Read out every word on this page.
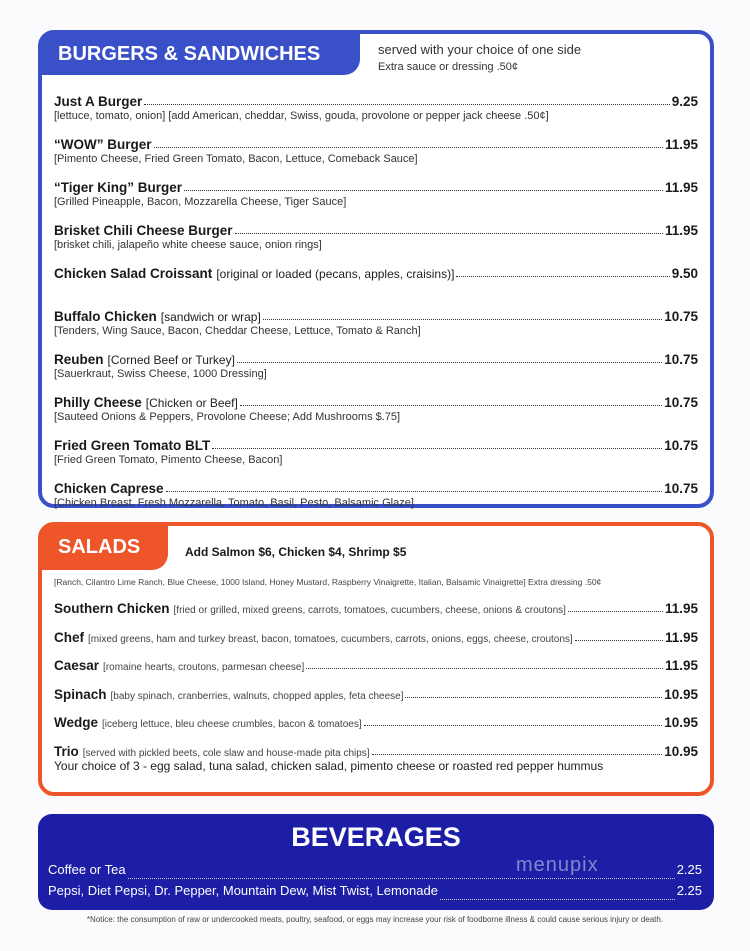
BURGERS & SANDWICHES	served with your choice of one side
Extra sauce or dressing .50¢
Just A Burger	9.25
[lettuce, tomato, onion] [add American, cheddar, Swiss, gouda, provolone or pepper jack cheese .50¢]
“WOW” Burger	11.95
[Pimento Cheese, Fried Green Tomato, Bacon, Lettuce, Comeback Sauce]
“Tiger King” Burger	11.95
[Grilled Pineapple, Bacon, Mozzarella Cheese, Tiger Sauce]
Brisket Chili Cheese Burger	11.95
[brisket chili, jalapeño white cheese sauce, onion rings]
Chicken Salad Croissant [original or loaded (pecans, apples, craisins)]	9.50
Buffalo Chicken [sandwich or wrap]	10.75
[Tenders, Wing Sauce, Bacon, Cheddar Cheese, Lettuce, Tomato & Ranch]
Reuben [Corned Beef or Turkey]	10.75
[Sauerkraut, Swiss Cheese, 1000 Dressing]
Philly Cheese [Chicken or Beef]	10.75
[Sauteed Onions & Peppers, Provolone Cheese; Add Mushrooms $.75]
Fried Green Tomato BLT	10.75
[Fried Green Tomato, Pimento Cheese, Bacon]
Chicken Caprese	10.75
[Chicken Breast, Fresh Mozzarella, Tomato, Basil, Pesto, Balsamic Glaze]
SALADS	Add Salmon $6, Chicken $4, Shrimp $5
[Ranch, Cilantro Lime Ranch, Blue Cheese, 1000 Island, Honey Mustard, Raspberry Vinaigrette, Italian, Balsamic Vinaigrette] Extra dressing .50¢
Southern Chicken [fried or grilled, mixed greens, carrots, tomatoes, cucumbers, cheese, onions & croutons]	11.95
Chef [mixed greens, ham and turkey breast, bacon, tomatoes, cucumbers, carrots, onions, eggs, cheese, croutons]	11.95
Caesar [romaine hearts, croutons, parmesan cheese]	11.95
Spinach [baby spinach, cranberries, walnuts, chopped apples, feta cheese]	10.95
Wedge [iceberg lettuce, bleu cheese crumbles, bacon & tomatoes]	10.95
Trio [served with pickled beets, cole slaw and house-made pita chips]	10.95
Your choice of 3 - egg salad, tuna salad, chicken salad, pimento cheese or roasted red pepper hummus
BEVERAGES
menupix
Coffee or Tea	2.25
Pepsi, Diet Pepsi, Dr. Pepper, Mountain Dew, Mist Twist, Lemonade	2.25
*Notice: the consumption of raw or undercooked meats, poultry, seafood, or eggs may increase your risk of foodborne illness & could cause serious injury or death.
